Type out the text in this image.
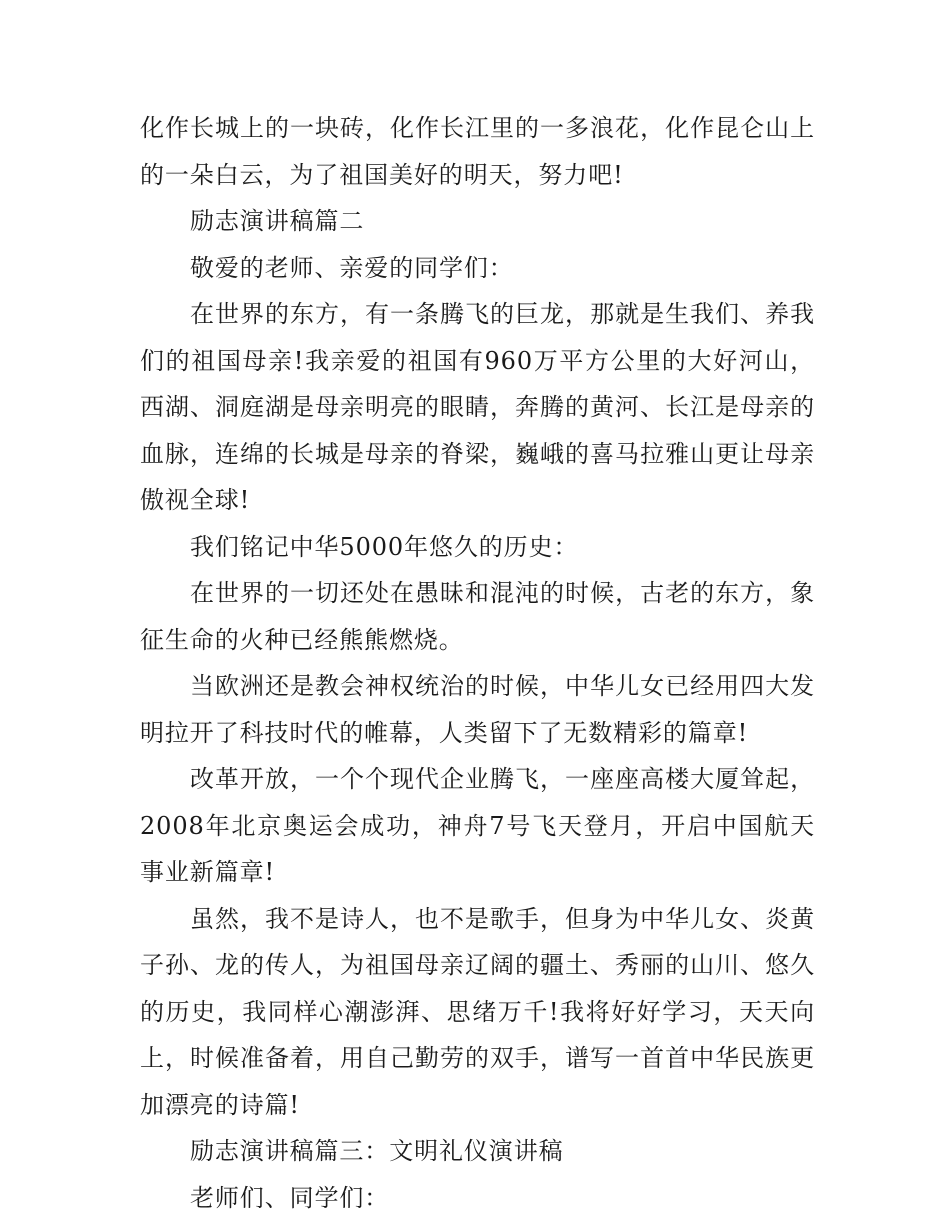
化作长城上的一块砖，化作长江里的一多浪花，化作昆仑山上的一朵白云，为了祖国美好的明天，努力吧!

励志演讲稿篇二

敬爱的老师、亲爱的同学们：

在世界的东方，有一条腾飞的巨龙，那就是生我们、养我们的祖国母亲!我亲爱的祖国有960万平方公里的大好河山，西湖、洞庭湖是母亲明亮的眼睛，奔腾的黄河、长江是母亲的血脉，连绵的长城是母亲的脊梁，巍峨的喜马拉雅山更让母亲傲视全球!

我们铭记中华5000年悠久的历史：

在世界的一切还处在愚昧和混沌的时候，古老的东方，象征生命的火种已经熊熊燃烧。

当欧洲还是教会神权统治的时候，中华儿女已经用四大发明拉开了科技时代的帷幕，人类留下了无数精彩的篇章!

改革开放，一个个现代企业腾飞，一座座高楼大厦耸起，2008年北京奥运会成功，神舟7号飞天登月，开启中国航天事业新篇章!

虽然，我不是诗人，也不是歌手，但身为中华儿女、炎黄子孙、龙的传人，为祖国母亲辽阔的疆土、秀丽的山川、悠久的历史，我同样心潮澎湃、思绪万千!我将好好学习，天天向上，时候准备着，用自己勤劳的双手，谱写一首首中华民族更加漂亮的诗篇!

励志演讲稿篇三：文明礼仪演讲稿

老师们、同学们：
